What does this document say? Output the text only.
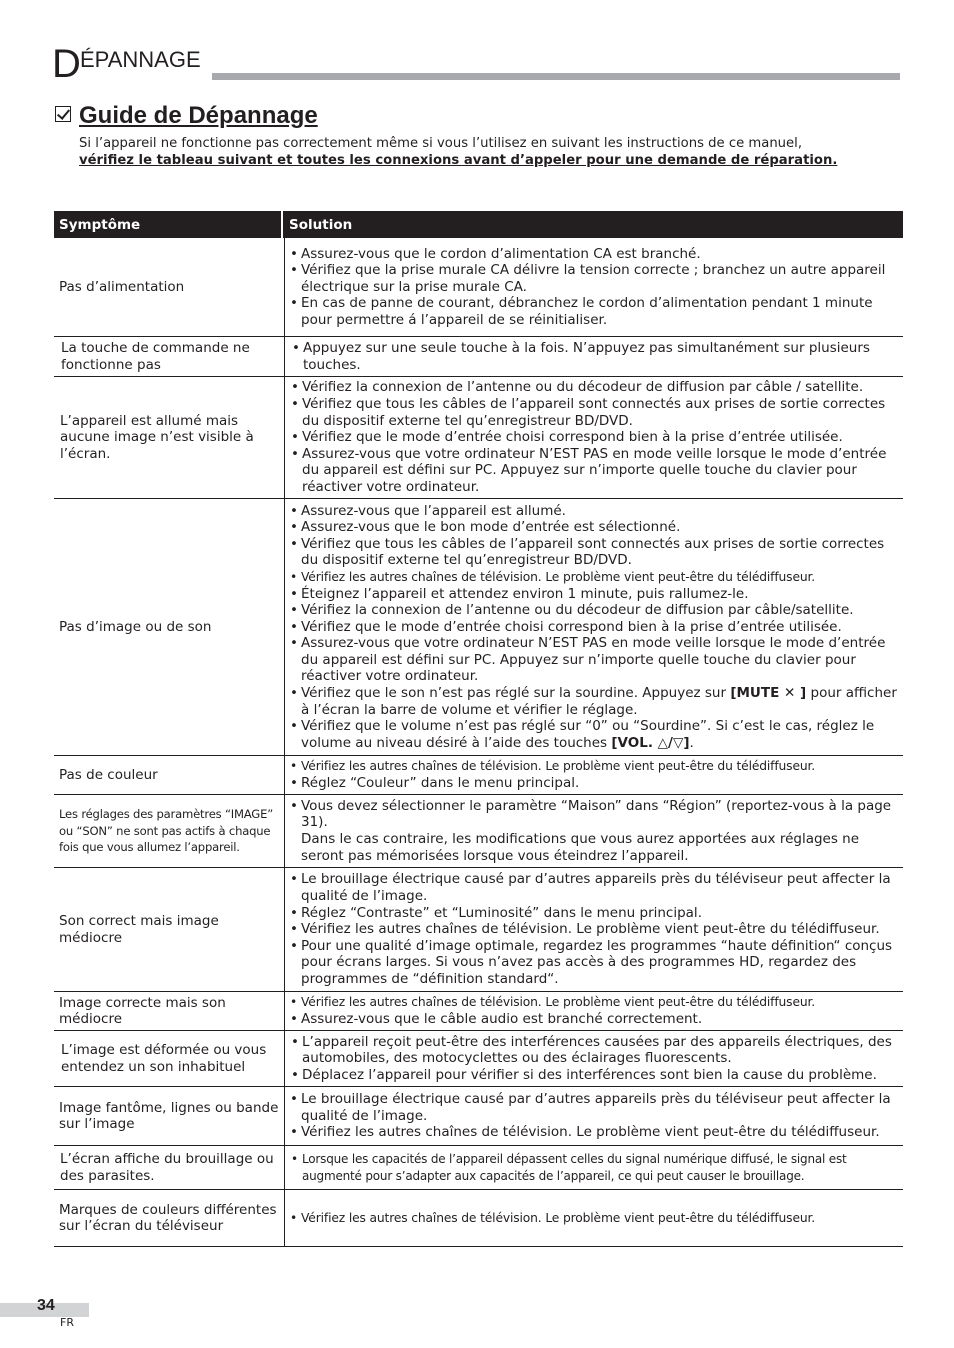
D ÉPANNAGE
Guide de Dépannage
Si l’appareil ne fonctionne pas correctement même si vous l’utilisez en suivant les instructions de ce manuel,
vérifiez le tableau suivant et toutes les connexions avant d’appeler pour une demande de réparation.
Symptôme	Solution
Pas d’alimentation
• Assurez-vous que le cordon d’alimentation CA est branché.
• Vérifiez que la prise murale CA délivre la tension correcte ; branchez un autre appareil électrique sur la prise murale CA.
• En cas de panne de courant, débranchez le cordon d’alimentation pendant 1 minute pour permettre á l’appareil de se réinitialiser.
La touche de commande ne fonctionne pas
• Appuyez sur une seule touche à la fois. N’appuyez pas simultanément sur plusieurs touches.
L’appareil est allumé mais aucune image n’est visible à l’écran.
• Vérifiez la connexion de l’antenne ou du décodeur de diffusion par câble / satellite.
• Vérifiez que tous les câbles de l’appareil sont connectés aux prises de sortie correctes du dispositif externe tel qu’enregistreur BD/DVD.
• Vérifiez que le mode d’entrée choisi correspond bien à la prise d’entrée utilisée.
• Assurez-vous que votre ordinateur N’EST PAS en mode veille lorsque le mode d’entrée du appareil est défini sur PC. Appuyez sur n’importe quelle touche du clavier pour réactiver votre ordinateur.
Pas d’image ou de son
• Assurez-vous que l’appareil est allumé.
• Assurez-vous que le bon mode d’entrée est sélectionné.
• Vérifiez que tous les câbles de l’appareil sont connectés aux prises de sortie correctes du dispositif externe tel qu’enregistreur BD/DVD.
• Vérifiez les autres chaînes de télévision. Le problème vient peut-être du télédiffuseur.
• Éteignez l’appareil et attendez environ 1 minute, puis rallumez-le.
• Vérifiez la connexion de l’antenne ou du décodeur de diffusion par câble/satellite.
• Vérifiez que le mode d’entrée choisi correspond bien à la prise d’entrée utilisée.
• Assurez-vous que votre ordinateur N’EST PAS en mode veille lorsque le mode d’entrée du appareil est défini sur PC. Appuyez sur n’importe quelle touche du clavier pour réactiver votre ordinateur.
• Vérifiez que le son n’est pas réglé sur la sourdine. Appuyez sur [MUTE ✕ ] pour afficher à l’écran la barre de volume et vérifier le réglage.
• Vérifiez que le volume n’est pas réglé sur “0” ou “Sourdine”. Si c’est le cas, réglez le volume au niveau désiré à l’aide des touches [VOL. △/▽].
Pas de couleur
• Vérifiez les autres chaînes de télévision. Le problème vient peut-être du télédiffuseur.
• Réglez “Couleur” dans le menu principal.
Les réglages des paramètres “IMAGE” ou “SON” ne sont pas actifs à chaque fois que vous allumez l’appareil.
• Vous devez sélectionner le paramètre “Maison” dans “Région” (reportez-vous à la page 31).
Dans le cas contraire, les modifications que vous aurez apportées aux réglages ne seront pas mémorisées lorsque vous éteindrez l’appareil.
Son correct mais image médiocre
• Le brouillage électrique causé par d’autres appareils près du téléviseur peut affecter la qualité de l’image.
• Réglez “Contraste” et “Luminosité” dans le menu principal.
• Vérifiez les autres chaînes de télévision. Le problème vient peut-être du télédiffuseur.
• Pour une qualité d’image optimale, regardez les programmes “haute définition“ conçus pour écrans larges. Si vous n’avez pas accès à des programmes HD, regardez des programmes de “définition standard“.
Image correcte mais son médiocre
• Vérifiez les autres chaînes de télévision. Le problème vient peut-être du télédiffuseur.
• Assurez-vous que le câble audio est branché correctement.
L’image est déformée ou vous entendez un son inhabituel
• L’appareil reçoit peut-être des interférences causées par des appareils électriques, des automobiles, des motocyclettes ou des éclairages fluorescents.
• Déplacez l’appareil pour vérifier si des interférences sont bien la cause du problème.
Image fantôme, lignes ou bande sur l’image
• Le brouillage électrique causé par d’autres appareils près du téléviseur peut affecter la qualité de l’image.
• Vérifiez les autres chaînes de télévision. Le problème vient peut-être du télédiffuseur.
L’écran affiche du brouillage ou des parasites.
• Lorsque les capacités de l’appareil dépassent celles du signal numérique diffusé, le signal est augmenté pour s’adapter aux capacités de l’appareil, ce qui peut causer le brouillage.
Marques de couleurs différentes sur l’écran du téléviseur
• Vérifiez les autres chaînes de télévision. Le problème vient peut-être du télédiffuseur.
34
FR
